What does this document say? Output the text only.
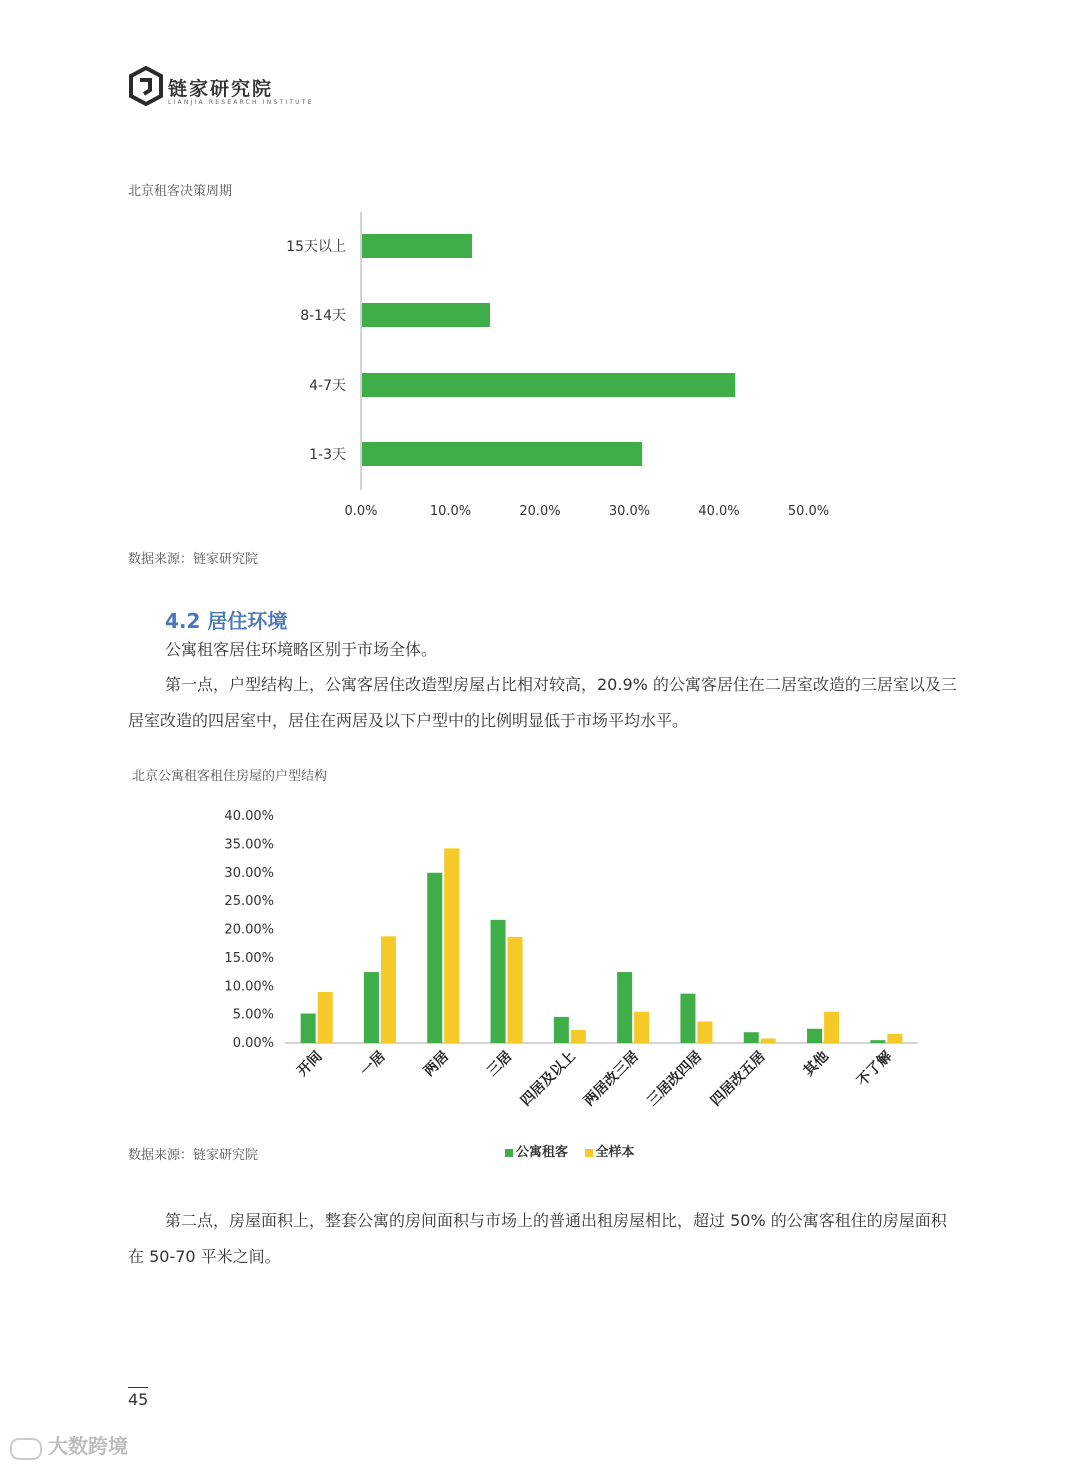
链家研究院
LIANJIA RESEARCH INSTITUTE
北京租客决策周期
15天以上
8-14天
4-7天
1-3天
0.0%	10.0%	20.0%	30.0%	40.0%	50.0%
数据来源：链家研究院
4.2 居住环境
公寓租客居住环境略区别于市场全体。
第一点，户型结构上，公寓客居住改造型房屋占比相对较高，20.9% 的公寓客居住在二居室改造的三居室以及三居室改造的四居室中，居住在两居及以下户型中的比例明显低于市场平均水平。
北京公寓租客租住房屋的户型结构
0.00%
5.00%
10.00%
15.00%
20.00%
25.00%
30.00%
35.00%
40.00%
开间 一居 两居 三居 四居及以上 两居改三居 三居改四居 四居改五居 其他 不了解
数据来源：链家研究院	公寓租客 全样本
第二点，房屋面积上，整套公寓的房间面积与市场上的普通出租房屋相比，超过 50% 的公寓客租住的房屋面积在 50-70 平米之间。
45
大数跨境
